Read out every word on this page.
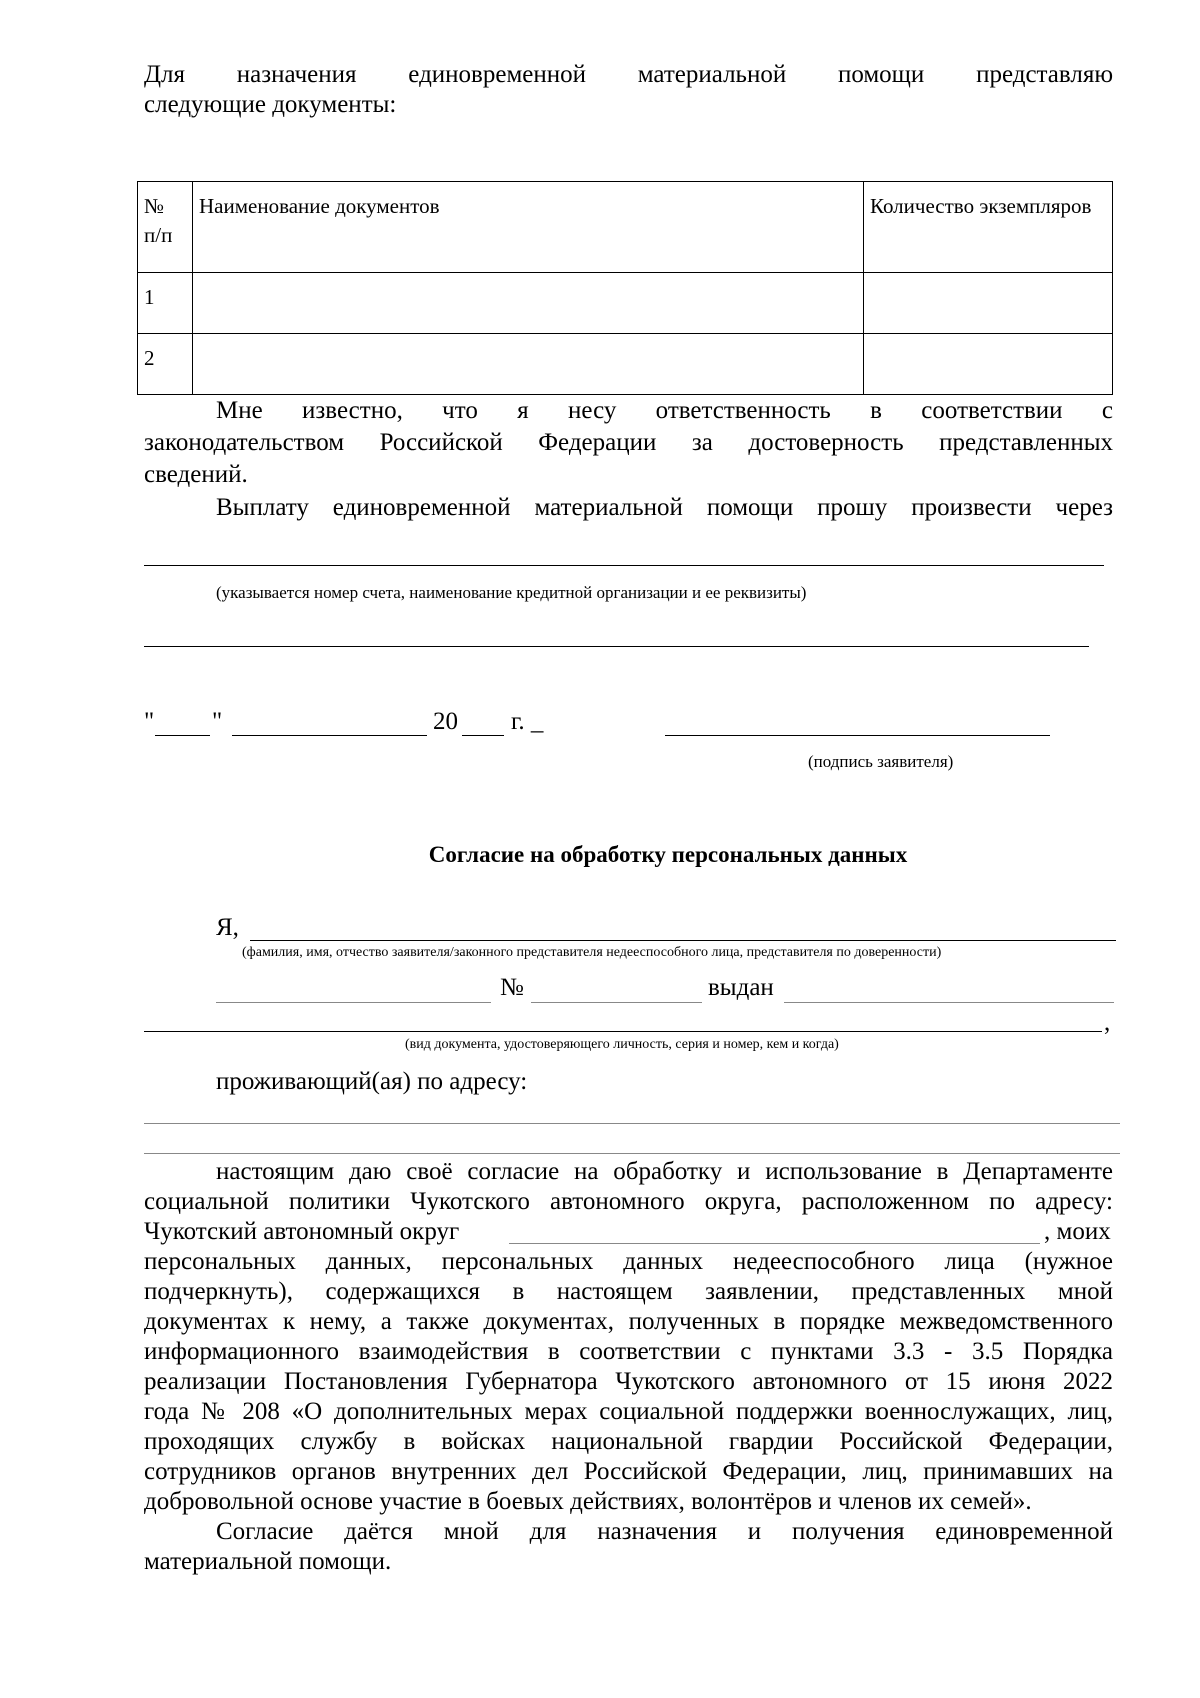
Для назначения единовременной материальной помощи представляю
следующие документы:
№ п/п	Наименование документов	Количество экземпляров
1		
2		
Мне известно, что я несу ответственность в соответствии с
законодательством Российской Федерации за достоверность представленных
сведений.
Выплату единовременной материальной помощи прошу произвести через
(указывается номер счета, наименование кредитной организации и ее реквизиты)
" "	20 г. _
(подпись заявителя)
Согласие на обработку персональных данных
Я,
(фамилия, имя, отчество заявителя/законного представителя недееспособного лица, представителя по доверенности)
№	выдан
,
(вид документа, удостоверяющего личность, серия и номер, кем и когда)
проживающий(ая) по адресу:
настоящим даю своё согласие на обработку и использование в Департаменте
социальной политики Чукотского автономного округа, расположенном по адресу:
Чукотский автономный округ	, моих
персональных данных, персональных данных недееспособного лица (нужное
подчеркнуть), содержащихся в настоящем заявлении, представленных мной
документах к нему, а также документах, полученных в порядке межведомственного
информационного взаимодействия в соответствии с пунктами 3.3 - 3.5 Порядка
реализации Постановления Губернатора Чукотского автономного от 15 июня 2022
года № 208 «О дополнительных мерах социальной поддержки военнослужащих, лиц,
проходящих службу в войсках национальной гвардии Российской Федерации,
сотрудников органов внутренних дел Российской Федерации, лиц, принимавших на
добровольной основе участие в боевых действиях, волонтёров и членов их семей».
Согласие даётся мной для назначения и получения единовременной
материальной помощи.
